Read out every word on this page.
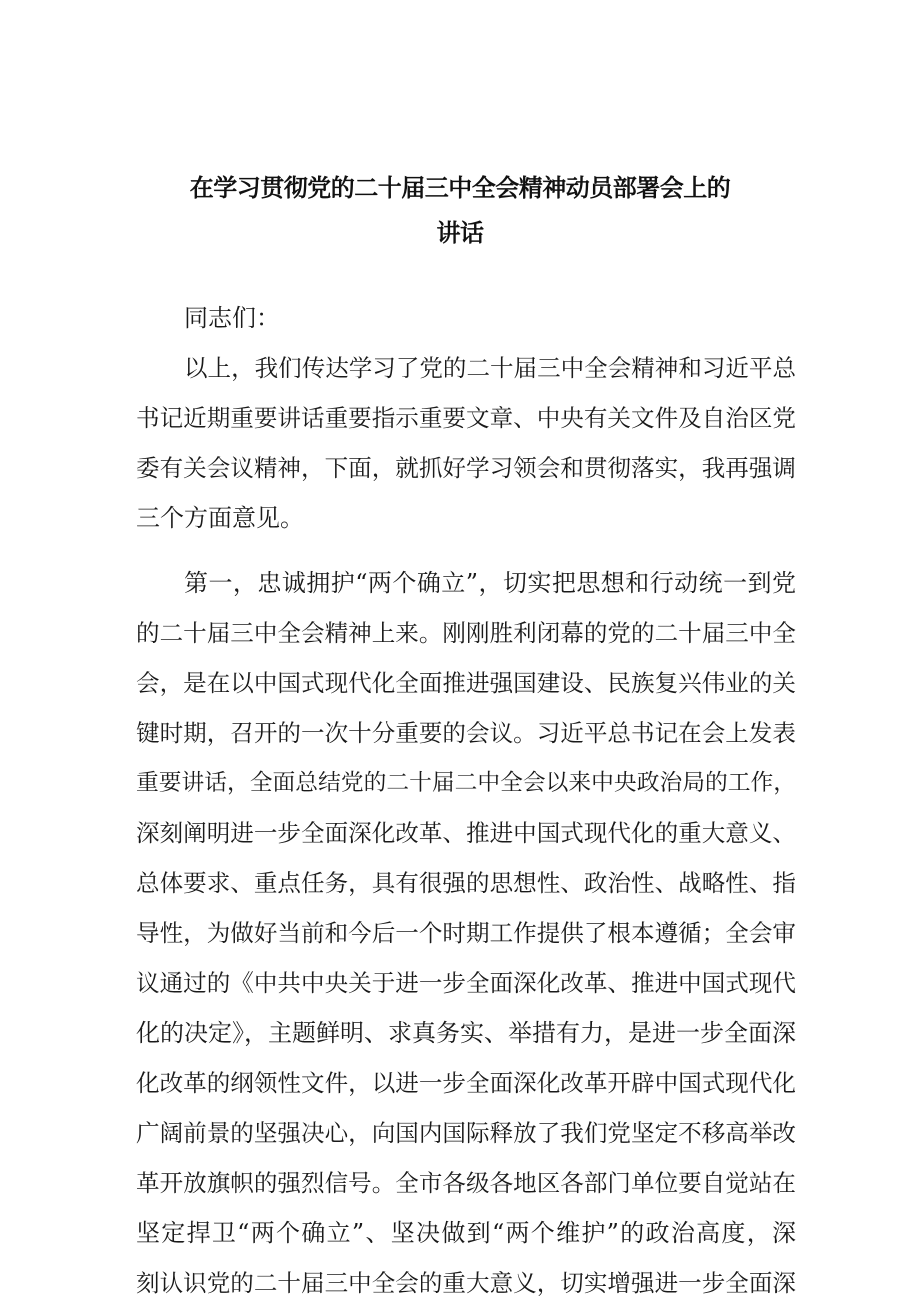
在学习贯彻党的二十届三中全会精神动员部署会上的
讲话
同志们：
以上，我们传达学习了党的二十届三中全会精神和习近平总
书记近期重要讲话重要指示重要文章、中央有关文件及自治区党
委有关会议精神，下面，就抓好学习领会和贯彻落实，我再强调
三个方面意见。
第一，忠诚拥护“两个确立”，切实把思想和行动统一到党
的二十届三中全会精神上来。刚刚胜利闭幕的党的二十届三中全
会，是在以中国式现代化全面推进强国建设、民族复兴伟业的关
键时期，召开的一次十分重要的会议。习近平总书记在会上发表
重要讲话，全面总结党的二十届二中全会以来中央政治局的工作，
深刻阐明进一步全面深化改革、推进中国式现代化的重大意义、
总体要求、重点任务，具有很强的思想性、政治性、战略性、指
导性，为做好当前和今后一个时期工作提供了根本遵循；全会审
议通过的《中共中央关于进一步全面深化改革、推进中国式现代
化的决定》，主题鲜明、求真务实、举措有力，是进一步全面深
化改革的纲领性文件，以进一步全面深化改革开辟中国式现代化
广阔前景的坚强决心，向国内国际释放了我们党坚定不移高举改
革开放旗帜的强烈信号。全市各级各地区各部门单位要自觉站在
坚定捍卫“两个确立”、坚决做到“两个维护”的政治高度，深
刻认识党的二十届三中全会的重大意义，切实增强进一步全面深
